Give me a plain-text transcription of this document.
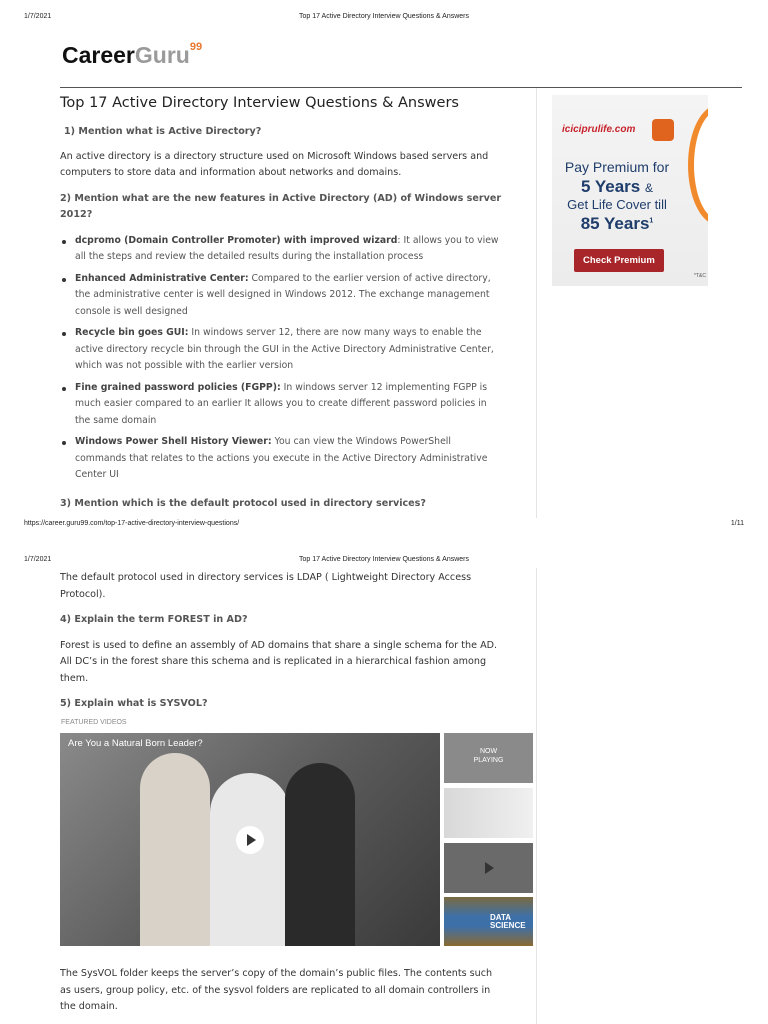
1/7/2021	Top 17 Active Directory Interview Questions & Answers
CareerGuru$^{99}$
Top 17 Active Directory Interview Questions & Answers
1) Mention what is Active Directory?
An active directory is a directory structure used on Microsoft Windows based servers and computers to store data and information about networks and domains.
2) Mention what are the new features in Active Directory (AD) of Windows server 2012?
dcpromo (Domain Controller Promoter) with improved wizard: It allows you to view all the steps and review the detailed results during the installation process
Enhanced Administrative Center: Compared to the earlier version of active directory, the administrative center is well designed in Windows 2012. The exchange management console is well designed
Recycle bin goes GUI: In windows server 12, there are now many ways to enable the active directory recycle bin through the GUI in the Active Directory Administrative Center, which was not possible with the earlier version
Fine grained password policies (FGPP): In windows server 12 implementing FGPP is much easier compared to an earlier It allows you to create different password policies in the same domain
Windows Power Shell History Viewer: You can view the Windows PowerShell commands that relates to the actions you execute in the Active Directory Administrative Center UI
3) Mention which is the default protocol used in directory services?
iciciprulife.com
Pay Premium for
5 Years &
Get Life Cover till
85 Years$^1$
Check Premium
*T&C
https://career.guru99.com/top-17-active-directory-interview-questions/	1/11
1/7/2021	Top 17 Active Directory Interview Questions & Answers
The default protocol used in directory services is LDAP ( Lightweight Directory Access Protocol).
4) Explain the term FOREST in AD?
Forest is used to define an assembly of AD domains that share a single schema for the AD. All DC’s in the forest share this schema and is replicated in a hierarchical fashion among them.
5) Explain what is SYSVOL?
FEATURED VIDEOS
Are You a Natural Born Leader?
NOW PLAYING
DATA SCIENCE
The SysVOL folder keeps the server’s copy of the domain’s public files. The contents such as users, group policy, etc. of the sysvol folders are replicated to all domain controllers in the domain.
